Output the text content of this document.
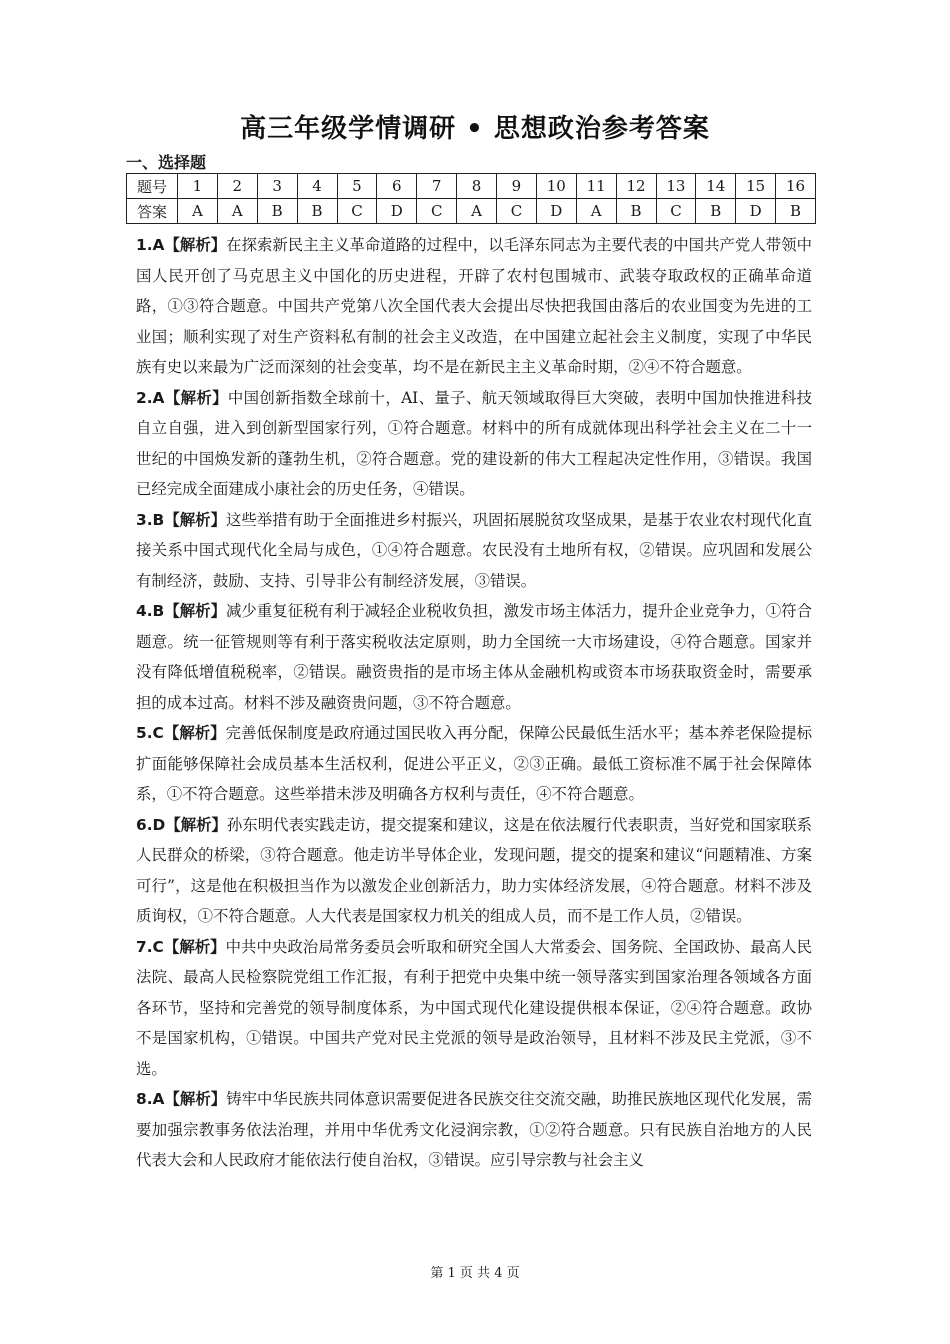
高三年级学情调研 • 思想政治参考答案
一、选择题
题号	1	2	3	4	5	6	7	8	9	10	11	12	13	14	15	16
答案	A	A	B	B	C	D	C	A	C	D	A	B	C	B	D	B

1.A【解析】在探索新民主主义革命道路的过程中，以毛泽东同志为主要代表的中国共产党人带领中国人民开创了马克思主义中国化的历史进程，开辟了农村包围城市、武装夺取政权的正确革命道路，①③符合题意。中国共产党第八次全国代表大会提出尽快把我国由落后的农业国变为先进的工业国；顺利实现了对生产资料私有制的社会主义改造，在中国建立起社会主义制度，实现了中华民族有史以来最为广泛而深刻的社会变革，均不是在新民主主义革命时期，②④不符合题意。

2.A【解析】中国创新指数全球前十，AI、量子、航天领域取得巨大突破，表明中国加快推进科技自立自强，进入到创新型国家行列，①符合题意。材料中的所有成就体现出科学社会主义在二十一世纪的中国焕发新的蓬勃生机，②符合题意。党的建设新的伟大工程起决定性作用，③错误。我国已经完成全面建成小康社会的历史任务，④错误。

3.B【解析】这些举措有助于全面推进乡村振兴，巩固拓展脱贫攻坚成果，是基于农业农村现代化直接关系中国式现代化全局与成色，①④符合题意。农民没有土地所有权，②错误。应巩固和发展公有制经济，鼓励、支持、引导非公有制经济发展，③错误。

4.B【解析】减少重复征税有利于减轻企业税收负担，激发市场主体活力，提升企业竞争力，①符合题意。统一征管规则等有利于落实税收法定原则，助力全国统一大市场建设，④符合题意。国家并没有降低增值税税率，②错误。融资贵指的是市场主体从金融机构或资本市场获取资金时，需要承担的成本过高。材料不涉及融资贵问题，③不符合题意。

5.C【解析】完善低保制度是政府通过国民收入再分配，保障公民最低生活水平；基本养老保险提标扩面能够保障社会成员基本生活权利，促进公平正义，②③正确。最低工资标准不属于社会保障体系，①不符合题意。这些举措未涉及明确各方权利与责任，④不符合题意。

6.D【解析】孙东明代表实践走访，提交提案和建议，这是在依法履行代表职责，当好党和国家联系人民群众的桥梁，③符合题意。他走访半导体企业，发现问题，提交的提案和建议“问题精准、方案可行”，这是他在积极担当作为以激发企业创新活力，助力实体经济发展，④符合题意。材料不涉及质询权，①不符合题意。人大代表是国家权力机关的组成人员，而不是工作人员，②错误。

7.C【解析】中共中央政治局常务委员会听取和研究全国人大常委会、国务院、全国政协、最高人民法院、最高人民检察院党组工作汇报，有利于把党中央集中统一领导落实到国家治理各领域各方面各环节，坚持和完善党的领导制度体系，为中国式现代化建设提供根本保证，②④符合题意。政协不是国家机构，①错误。中国共产党对民主党派的领导是政治领导，且材料不涉及民主党派，③不选。

8.A【解析】铸牢中华民族共同体意识需要促进各民族交往交流交融，助推民族地区现代化发展，需要加强宗教事务依法治理，并用中华优秀文化浸润宗教，①②符合题意。只有民族自治地方的人民代表大会和人民政府才能依法行使自治权，③错误。应引导宗教与社会主义

第 1 页 共 4 页
